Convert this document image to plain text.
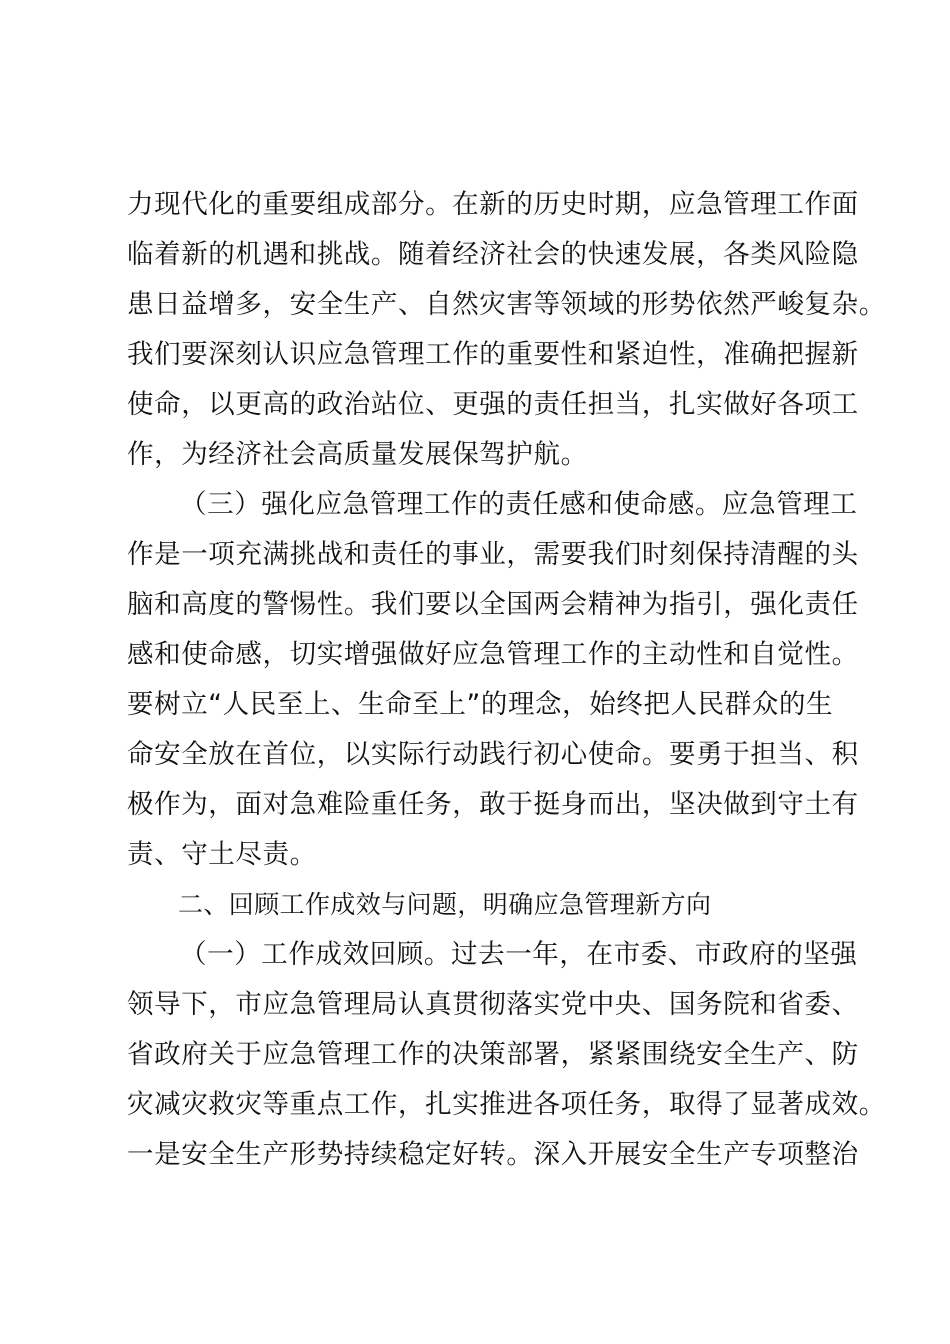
力现代化的重要组成部分。在新的历史时期，应急管理工作面
临着新的机遇和挑战。随着经济社会的快速发展，各类风险隐
患日益增多，安全生产、自然灾害等领域的形势依然严峻复杂。
我们要深刻认识应急管理工作的重要性和紧迫性，准确把握新
使命，以更高的政治站位、更强的责任担当，扎实做好各项工
作，为经济社会高质量发展保驾护航。
（三）强化应急管理工作的责任感和使命感。应急管理工
作是一项充满挑战和责任的事业，需要我们时刻保持清醒的头
脑和高度的警惕性。我们要以全国两会精神为指引，强化责任
感和使命感，切实增强做好应急管理工作的主动性和自觉性。
要树立“人民至上、生命至上”的理念，始终把人民群众的生
命安全放在首位，以实际行动践行初心使命。要勇于担当、积
极作为，面对急难险重任务，敢于挺身而出，坚决做到守土有
责、守土尽责。
二、回顾工作成效与问题，明确应急管理新方向
（一）工作成效回顾。过去一年，在市委、市政府的坚强
领导下，市应急管理局认真贯彻落实党中央、国务院和省委、
省政府关于应急管理工作的决策部署，紧紧围绕安全生产、防
灾减灾救灾等重点工作，扎实推进各项任务，取得了显著成效。
一是安全生产形势持续稳定好转。深入开展安全生产专项整治
